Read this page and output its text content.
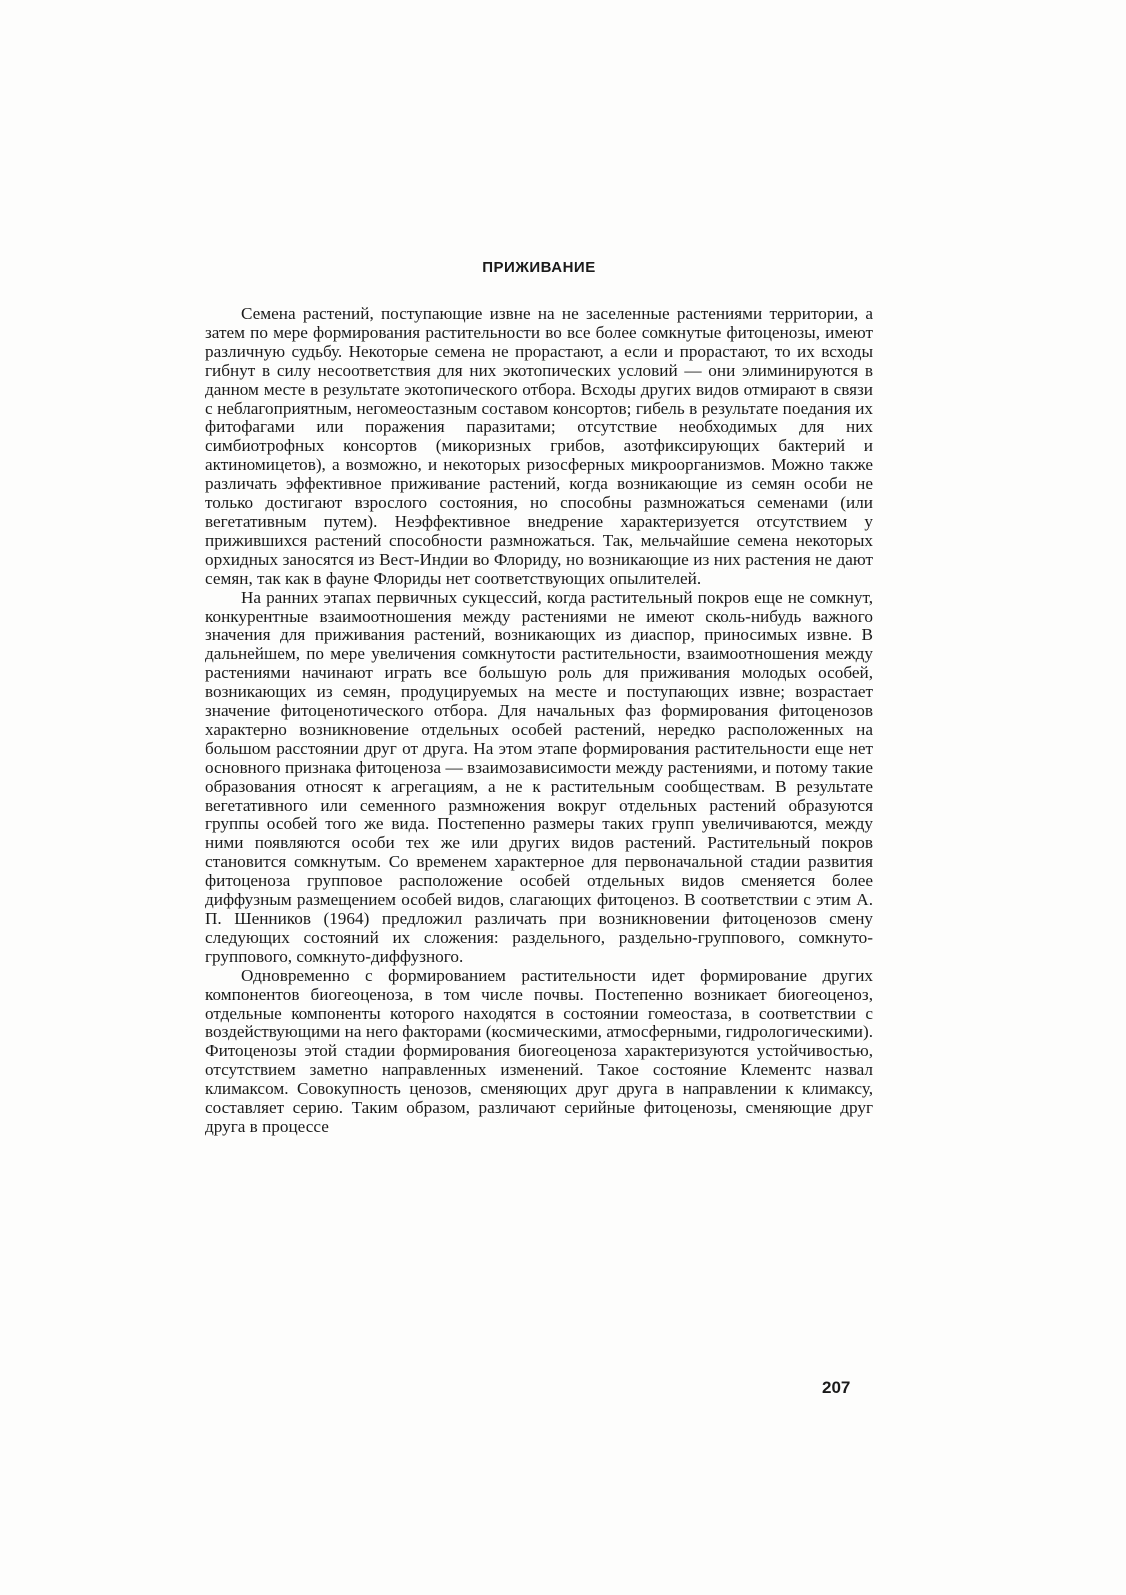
ПРИЖИВАНИЕ

Семена растений, поступающие извне на не заселенные растениями территории, а затем по мере формирования растительности во все более сомкнутые фитоценозы, имеют различную судьбу. Некоторые семена не прорастают, а если и прорастают, то их всходы гибнут в силу несоответствия для них экотопических условий — они элиминируются в данном месте в результате экотопического отбора. Всходы других видов отмирают в связи с неблагоприятным, негомеостазным составом консортов; гибель в результате поедания их фитофагами или поражения паразитами; отсутствие необходимых для них симбиотрофных консортов (микоризных грибов, азотфиксирующих бактерий и актиномицетов), а возможно, и некоторых ризосферных микроорганизмов. Можно также различать эффективное приживание растений, когда возникающие из семян особи не только достигают взрослого состояния, но способны размножаться семенами (или вегетативным путем). Неэффективное внедрение характеризуется отсутствием у прижившихся растений способности размножаться. Так, мельчайшие семена некоторых орхидных заносятся из Вест-Индии во Флориду, но возникающие из них растения не дают семян, так как в фауне Флориды нет соответствующих опылителей.

На ранних этапах первичных сукцессий, когда растительный покров еще не сомкнут, конкурентные взаимоотношения между растениями не имеют сколь-нибудь важного значения для приживания растений, возникающих из диаспор, приносимых извне. В дальнейшем, по мере увеличения сомкнутости растительности, взаимоотношения между растениями начинают играть все большую роль для приживания молодых особей, возникающих из семян, продуцируемых на месте и поступающих извне; возрастает значение фитоценотического отбора. Для начальных фаз формирования фитоценозов характерно возникновение отдельных особей растений, нередко расположенных на большом расстоянии друг от друга. На этом этапе формирования растительности еще нет основного признака фитоценоза — взаимозависимости между растениями, и потому такие образования относят к агрегациям, а не к растительным сообществам. В результате вегетативного или семенного размножения вокруг отдельных растений образуются группы особей того же вида. Постепенно размеры таких групп увеличиваются, между ними появляются особи тех же или других видов растений. Растительный покров становится сомкнутым. Со временем характерное для первоначальной стадии развития фитоценоза групповое расположение особей отдельных видов сменяется более диффузным размещением особей видов, слагающих фитоценоз. В соответствии с этим А. П. Шенников (1964) предложил различать при возникновении фитоценозов смену следующих состояний их сложения: раздельного, раздельно-группового, сомкнуто-группового, сомкнуто-диффузного.

Одновременно с формированием растительности идет формирование других компонентов биогеоценоза, в том числе почвы. Постепенно возникает биогеоценоз, отдельные компоненты которого находятся в состоянии гомеостаза, в соответствии с воздействующими на него факторами (космическими, атмосферными, гидрологическими). Фитоценозы этой стадии формирования биогеоценоза характеризуются устойчивостью, отсутствием заметно направленных изменений. Такое состояние Клементс назвал климаксом. Совокупность ценозов, сменяющих друг друга в направлении к климаксу, составляет серию. Таким образом, различают серийные фитоценозы, сменяющие друг друга в процессе

207
